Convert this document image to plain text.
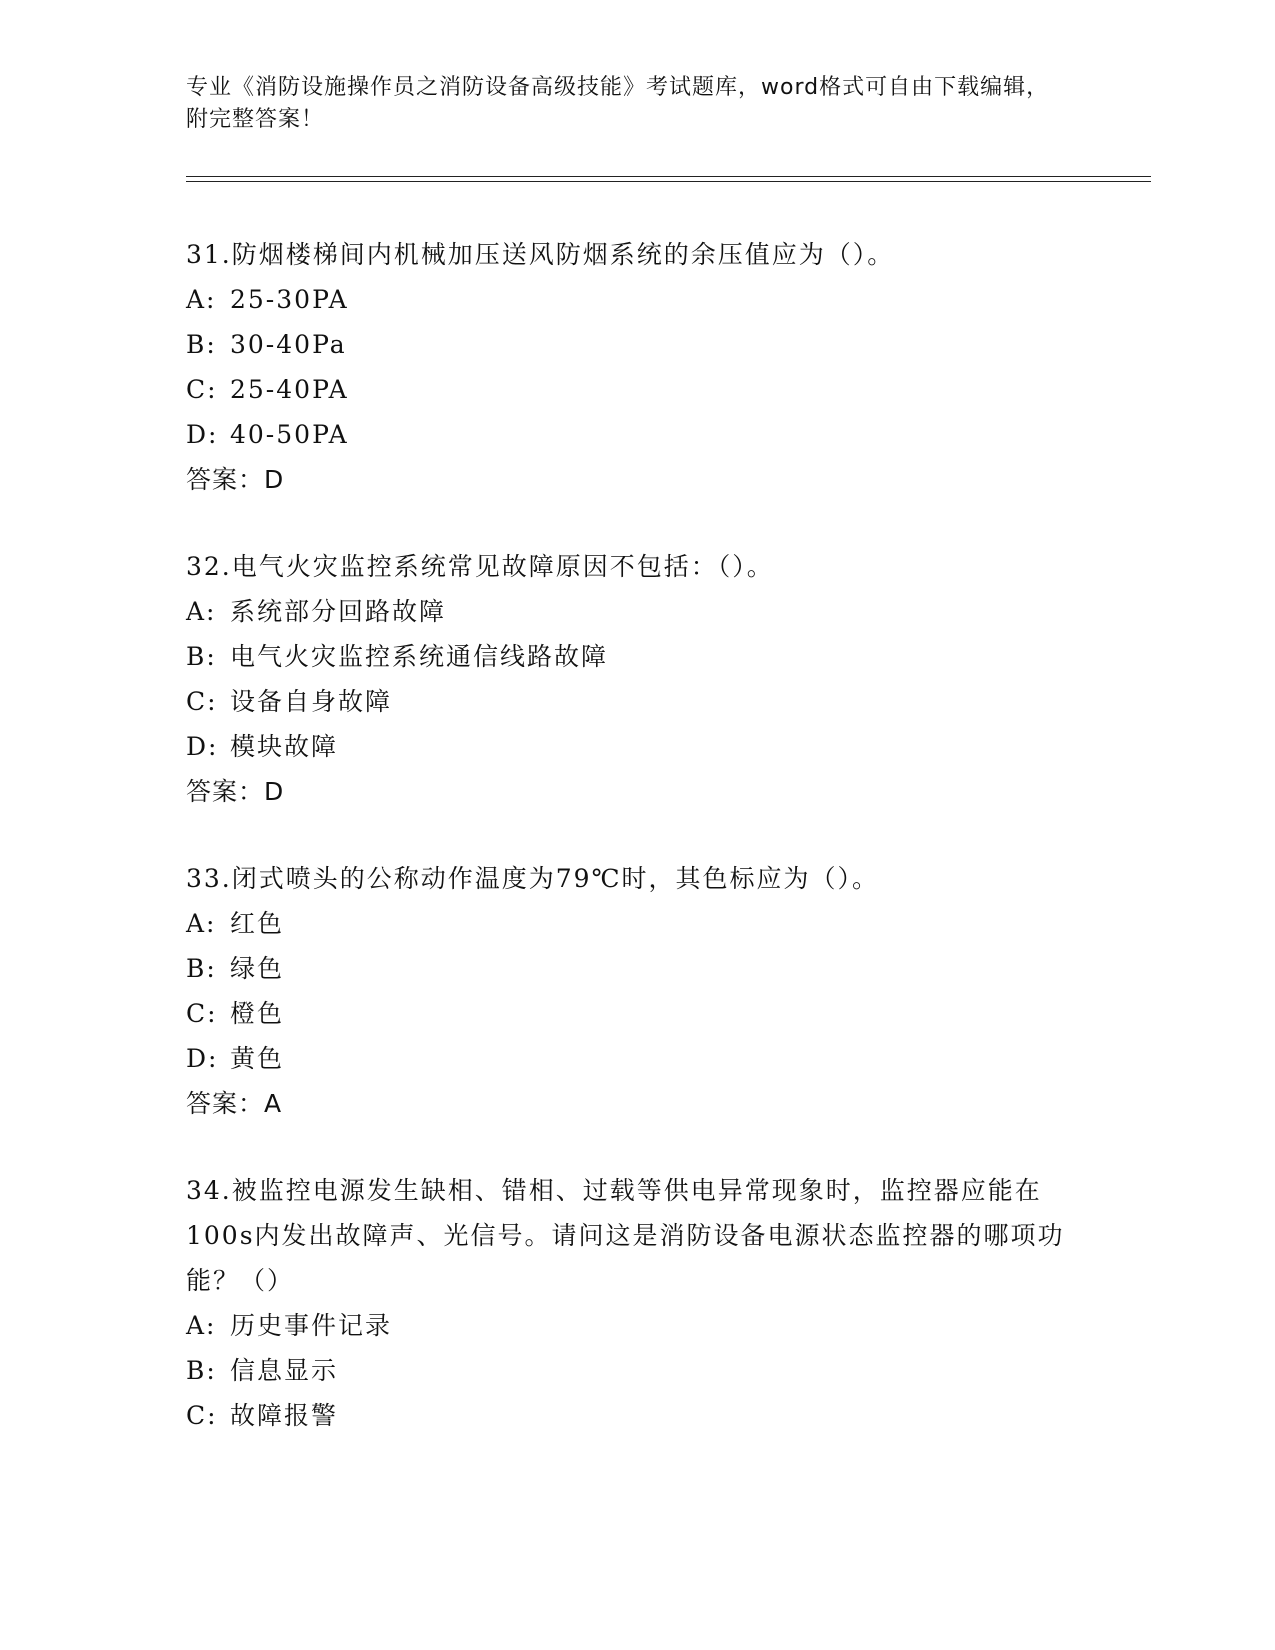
专业《消防设施操作员之消防设备高级技能》考试题库，word格式可自由下载编辑，附完整答案！

31.防烟楼梯间内机械加压送风防烟系统的余压值应为（）。

A: 25-30PA

B: 30-40Pa

C: 25-40PA

D: 40-50PA

答案：D

32.电气火灾监控系统常见故障原因不包括：（）。

A: 系统部分回路故障

B: 电气火灾监控系统通信线路故障

C: 设备自身故障

D: 模块故障

答案：D

33.闭式喷头的公称动作温度为79℃时，其色标应为（）。

A: 红色

B: 绿色

C: 橙色

D: 黄色

答案：A

34.被监控电源发生缺相、错相、过载等供电异常现象时，监控器应能在100s内发出故障声、光信号。请问这是消防设备电源状态监控器的哪项功能？（）

A: 历史事件记录

B: 信息显示

C: 故障报警
